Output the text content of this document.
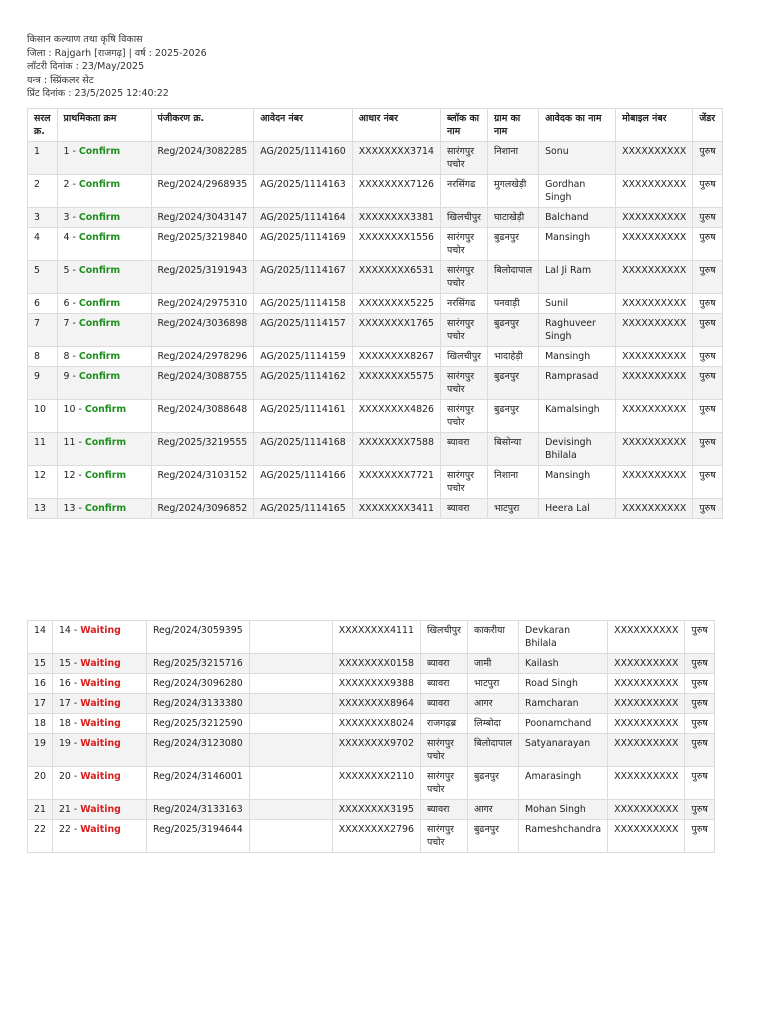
किसान कल्याण तथा कृषि विकास
जिला : Rajgarh [राजगढ़] | वर्ष : 2025-2026
लॉटरी दिनांक : 23/May/2025
यन्त्र : स्प्रिंकलर सेट
प्रिंट दिनांक : 23/5/2025 12:40:22
सरल क्र.	प्राथमिकता क्रम	पंजीकरण क्र.	आवेदन नंबर	आधार नंबर	ब्लॉक का नाम	ग्राम का नाम	आवेदक का नाम	मोबाइल नंबर	जेंडर
1	1 - Confirm	Reg/2024/3082285	AG/2025/1114160	XXXXXXXX3714	सारंगपुर पचोर	निशाना	Sonu	XXXXXXXXXX	पुरुष
2	2 - Confirm	Reg/2024/2968935	AG/2025/1114163	XXXXXXXX7126	नरसिंगढ	मुगलखेड़ी	Gordhan Singh	XXXXXXXXXX	पुरुष
3	3 - Confirm	Reg/2024/3043147	AG/2025/1114164	XXXXXXXX3381	खिलचीपुर	घाटाखेड़ी	Balchand	XXXXXXXXXX	पुरुष
4	4 - Confirm	Reg/2025/3219840	AG/2025/1114169	XXXXXXXX1556	सारंगपुर पचोर	बुढनपुर	Mansingh	XXXXXXXXXX	पुरुष
5	5 - Confirm	Reg/2025/3191943	AG/2025/1114167	XXXXXXXX6531	सारंगपुर पचोर	बिलोदापाल	Lal Ji Ram	XXXXXXXXXX	पुरुष
6	6 - Confirm	Reg/2024/2975310	AG/2025/1114158	XXXXXXXX5225	नरसिंगढ	पनवाड़ी	Sunil	XXXXXXXXXX	पुरुष
7	7 - Confirm	Reg/2024/3036898	AG/2025/1114157	XXXXXXXX1765	सारंगपुर पचोर	बुढनपुर	Raghuveer Singh	XXXXXXXXXX	पुरुष
8	8 - Confirm	Reg/2024/2978296	AG/2025/1114159	XXXXXXXX8267	खिलचीपुर	भादाहेड़ी	Mansingh	XXXXXXXXXX	पुरुष
9	9 - Confirm	Reg/2024/3088755	AG/2025/1114162	XXXXXXXX5575	सारंगपुर पचोर	बुढनपुर	Ramprasad	XXXXXXXXXX	पुरुष
10	10 - Confirm	Reg/2024/3088648	AG/2025/1114161	XXXXXXXX4826	सारंगपुर पचोर	बुढनपुर	Kamalsingh	XXXXXXXXXX	पुरुष
11	11 - Confirm	Reg/2025/3219555	AG/2025/1114168	XXXXXXXX7588	ब्यावरा	बिसोन्या	Devisingh Bhilala	XXXXXXXXXX	पुरुष
12	12 - Confirm	Reg/2024/3103152	AG/2025/1114166	XXXXXXXX7721	सारंगपुर पचोर	निशाना	Mansingh	XXXXXXXXXX	पुरुष
13	13 - Confirm	Reg/2024/3096852	AG/2025/1114165	XXXXXXXX3411	ब्यावरा	भाटपुरा	Heera Lal	XXXXXXXXXX	पुरुष
14	14 - Waiting	Reg/2024/3059395		XXXXXXXX4111	खिलचीपुर	काकरीया	Devkaran Bhilala	XXXXXXXXXX	पुरुष
15	15 - Waiting	Reg/2025/3215716		XXXXXXXX0158	ब्यावरा	जामी	Kailash	XXXXXXXXXX	पुरुष
16	16 - Waiting	Reg/2024/3096280		XXXXXXXX9388	ब्यावरा	भाटपुरा	Road Singh	XXXXXXXXXX	पुरुष
17	17 - Waiting	Reg/2024/3133380		XXXXXXXX8964	ब्यावरा	आगर	Ramcharan	XXXXXXXXXX	पुरुष
18	18 - Waiting	Reg/2025/3212590		XXXXXXXX8024	राजगढ़ब्र	लिम्बोदा	Poonamchand	XXXXXXXXXX	पुरुष
19	19 - Waiting	Reg/2024/3123080		XXXXXXXX9702	सारंगपुर पचोर	बिलोदापाल	Satyanarayan	XXXXXXXXXX	पुरुष
20	20 - Waiting	Reg/2024/3146001		XXXXXXXX2110	सारंगपुर पचोर	बुढनपुर	Amarasingh	XXXXXXXXXX	पुरुष
21	21 - Waiting	Reg/2024/3133163		XXXXXXXX3195	ब्यावरा	आगर	Mohan Singh	XXXXXXXXXX	पुरुष
22	22 - Waiting	Reg/2025/3194644		XXXXXXXX2796	सारंगपुर पचोर	बुढनपुर	Rameshchandra	XXXXXXXXXX	पुरुष
